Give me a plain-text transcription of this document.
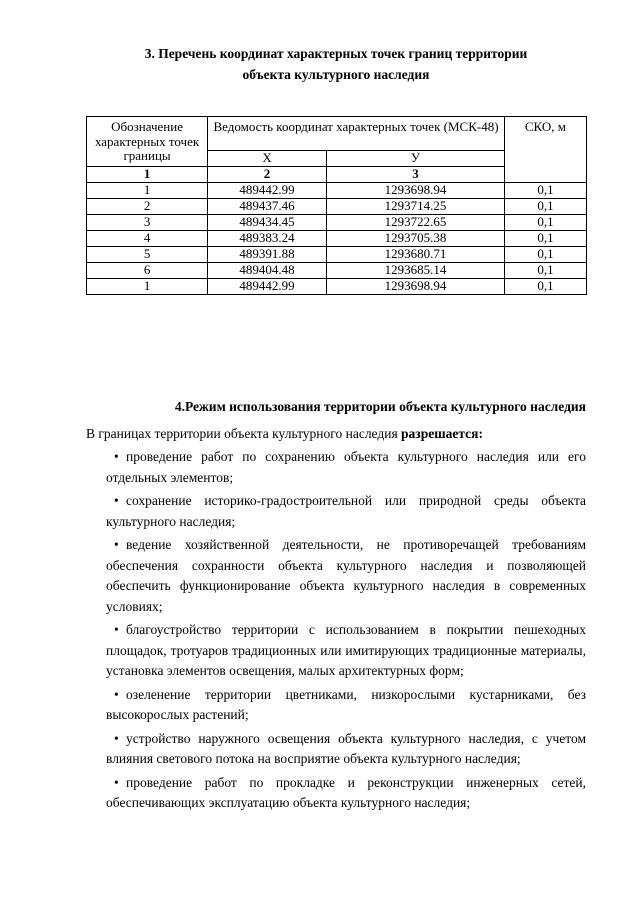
3. Перечень координат характерных точек границ территории
объекта культурного наследия
Обозначение характерных точек границы	Ведомость координат характерных точек (МСК-48)		СКО, м
	Х	У	
1	2	3	
1	489442.99	1293698.94	0,1
2	489437.46	1293714.25	0,1
3	489434.45	1293722.65	0,1
4	489383.24	1293705.38	0,1
5	489391.88	1293680.71	0,1
6	489404.48	1293685.14	0,1
1	489442.99	1293698.94	0,1
4.Режим использования территории объекта культурного наследия
В границах территории объекта культурного наследия разрешается:
• проведение работ по сохранению объекта культурного наследия или его отдельных элементов;
• сохранение историко-градостроительной или природной среды объекта культурного наследия;
• ведение хозяйственной деятельности, не противоречащей требованиям обеспечения сохранности объекта культурного наследия и позволяющей обеспечить функционирование объекта культурного наследия в современных условиях;
• благоустройство территории с использованием в покрытии пешеходных площадок, тротуаров традиционных или имитирующих традиционные материалы, установка элементов освещения, малых архитектурных форм;
• озеленение территории цветниками, низкорослыми кустарниками, без высокорослых растений;
• устройство наружного освещения объекта культурного наследия, с учетом влияния светового потока на восприятие объекта культурного наследия;
• проведение работ по прокладке и реконструкции инженерных сетей, обеспечивающих эксплуатацию объекта культурного наследия;
